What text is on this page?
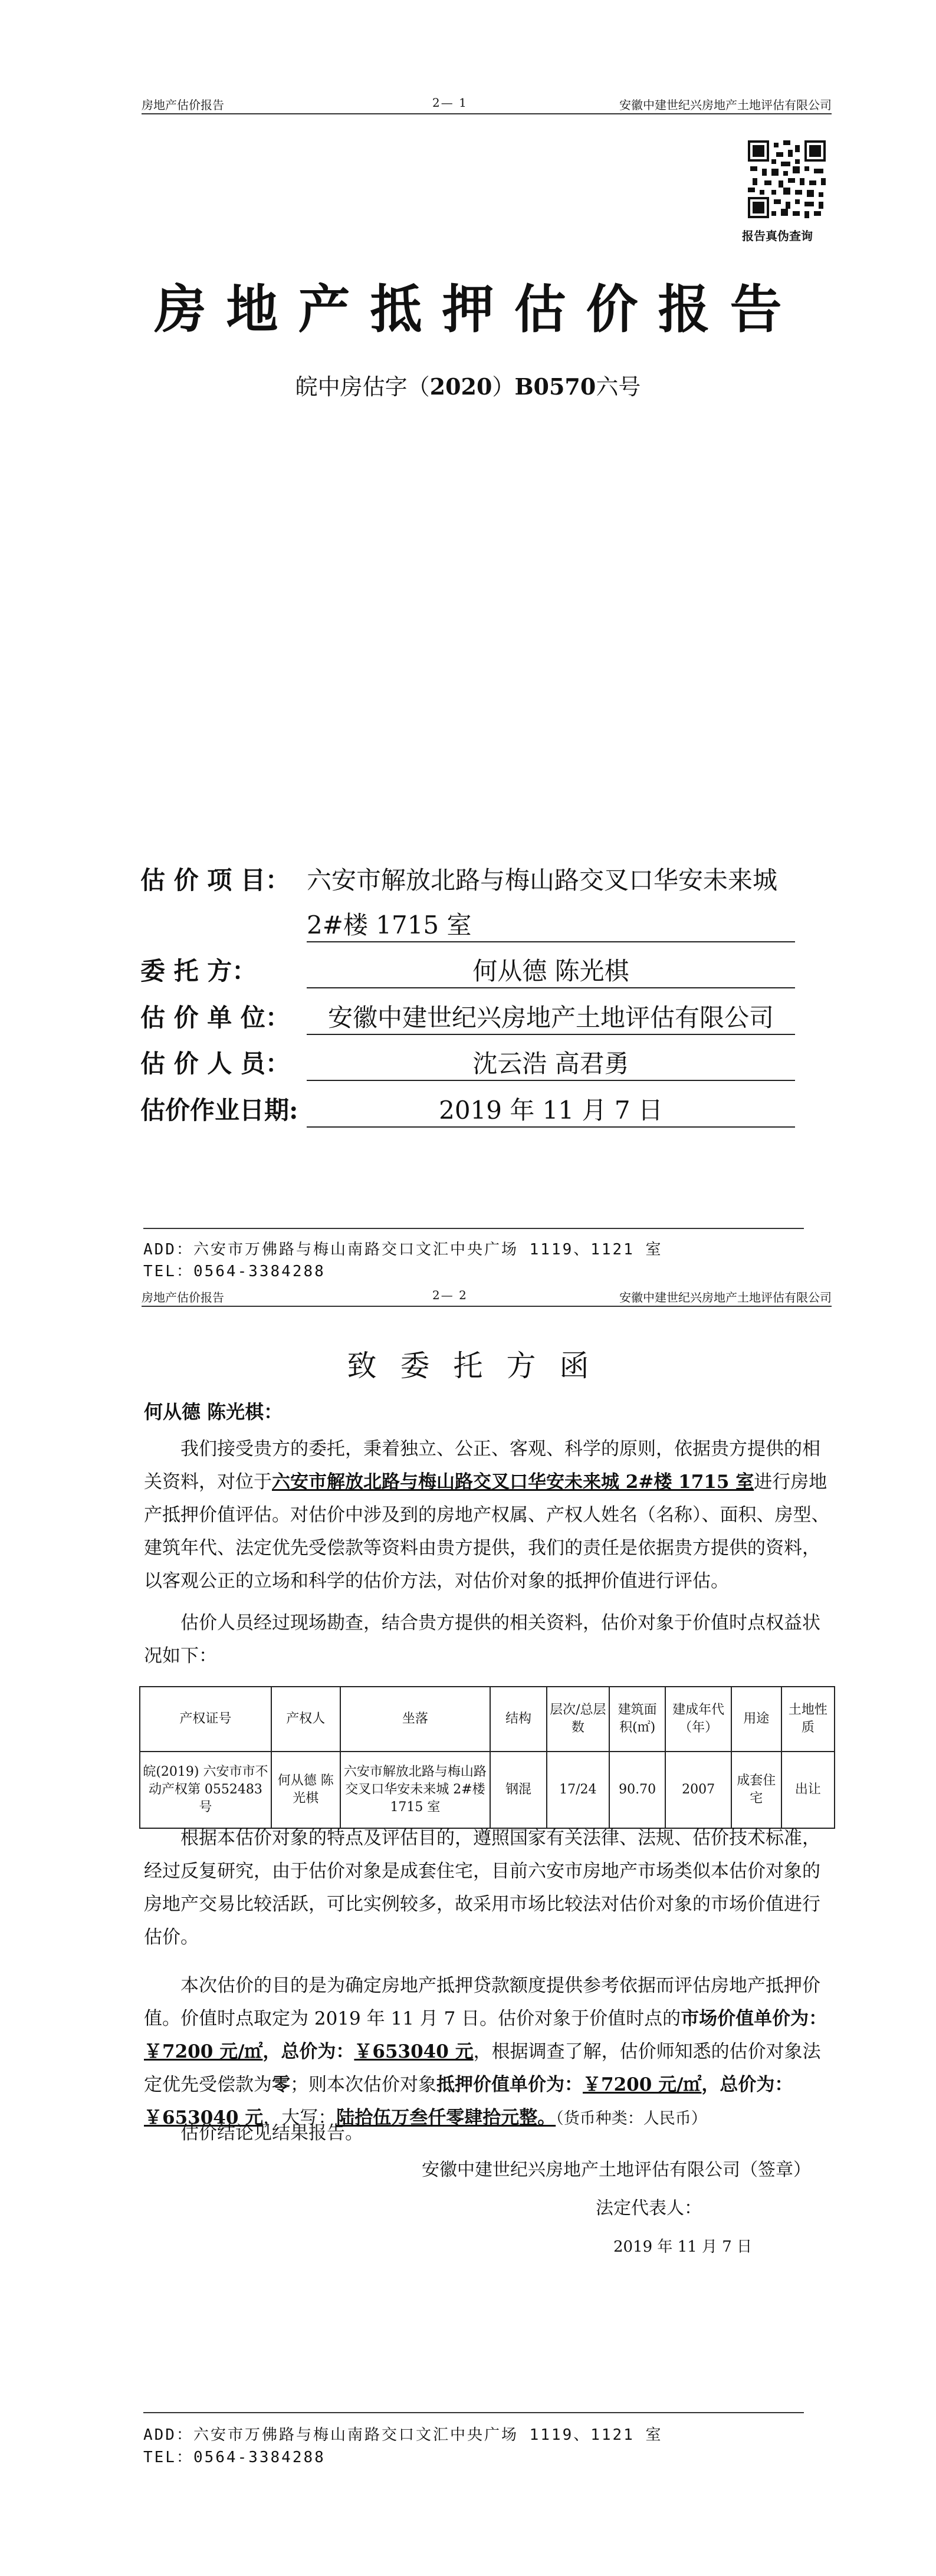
房地产估价报告	2— 1	安徽中建世纪兴房地产土地评估有限公司
报告真伪查询
房地产抵押估价报告
皖中房估字（2020）B0570六号
估 价 项 目： 六安市解放北路与梅山路交叉口华安未来城
2#楼 1715 室
委 托 方：	何从德 陈光棋
估 价 单 位：	安徽中建世纪兴房地产土地评估有限公司
估 价 人 员：	沈云浩 高君勇
估价作业日期:	2019 年 11 月 7 日
ADD：六安市万佛路与梅山南路交口文汇中央广场 1119、1121 室
TEL：0564-3384288
房地产估价报告	2— 2	安徽中建世纪兴房地产土地评估有限公司
致委托方函
何从德 陈光棋：
我们接受贵方的委托，秉着独立、公正、客观、科学的原则，依据贵方提供的相关资料，对位于六安市解放北路与梅山路交叉口华安未来城 2#楼 1715 室进行房地产抵押价值评估。对估价中涉及到的房地产权属、产权人姓名（名称）、面积、房型、建筑年代、法定优先受偿款等资料由贵方提供，我们的责任是依据贵方提供的资料，以客观公正的立场和科学的估价方法，对估价对象的抵押价值进行评估。
估价人员经过现场勘查，结合贵方提供的相关资料，估价对象于价值时点权益状况如下：
产权证号	产权人	坐落	结构	层次/总层数	建筑面积(㎡)	建成年代（年）	用途	土地性质
皖(2019) 六安市市不动产权第 0552483 号	何从德 陈光棋	六安市解放北路与梅山路交叉口华安未来城 2#楼 1715 室	钢混	17/24	90.70	2007	成套住宅	出让
根据本估价对象的特点及评估目的，遵照国家有关法律、法规、估价技术标准，经过反复研究，由于估价对象是成套住宅，目前六安市房地产市场类似本估价对象的房地产交易比较活跃，可比实例较多，故采用市场比较法对估价对象的市场价值进行估价。
本次估价的目的是为确定房地产抵押贷款额度提供参考依据而评估房地产抵押价值。价值时点取定为 2019 年 11 月 7 日。估价对象于价值时点的市场价值单价为：￥7200 元/㎡，总价为：￥653040 元，根据调查了解，估价师知悉的估价对象法定优先受偿款为零；则本次估价对象抵押价值单价为：￥7200 元/㎡，总价为：￥653040 元，大写：陆拾伍万叁仟零肆拾元整。（货币种类：人民币）
估价结论见结果报告。
安徽中建世纪兴房地产土地评估有限公司（签章）
法定代表人：
2019 年 11 月 7 日
ADD：六安市万佛路与梅山南路交口文汇中央广场 1119、1121 室
TEL：0564-3384288
